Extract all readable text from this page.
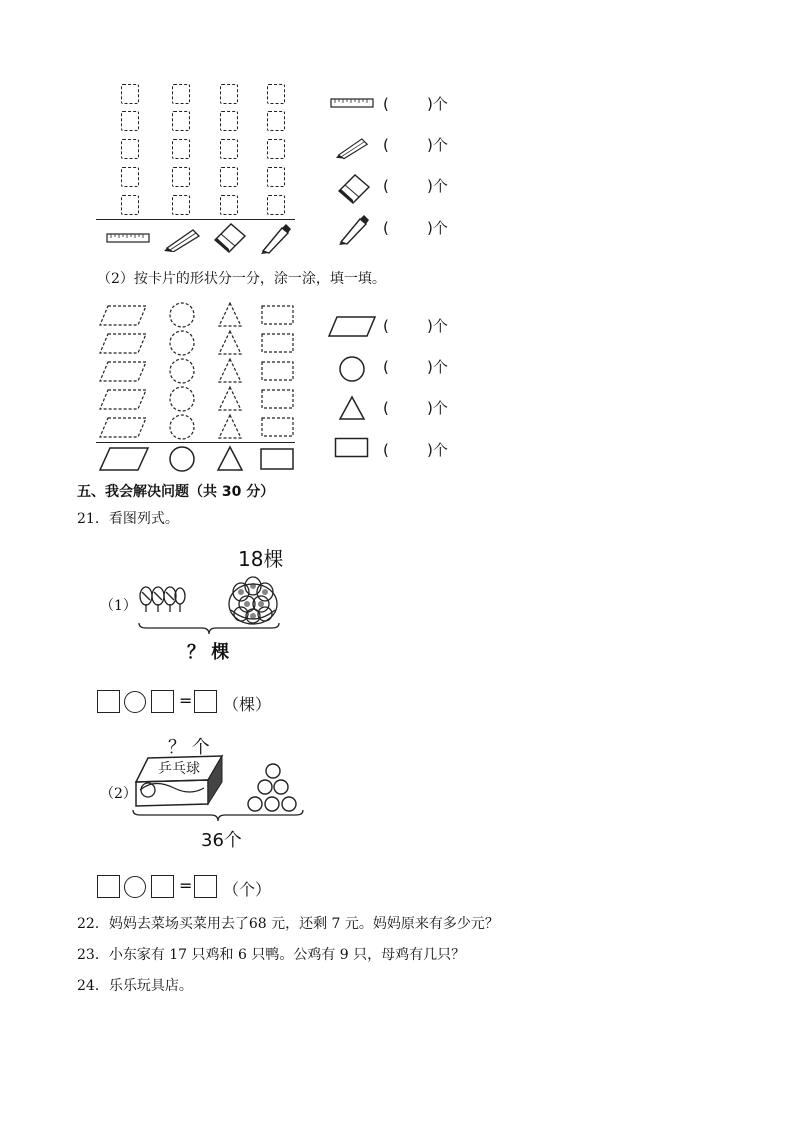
(	)个
(	)个
(	)个
(	)个
（2）按卡片的形状分一分，涂一涂，填一填。
(	)个
(	)个
(	)个
(	)个
五、我会解决问题（共 30 分）
21．看图列式。
（1）
18棵
？ 棵
= （棵）
？ 个
（2）
乒乓球
36个
= （个）
22．妈妈去菜场买菜用去了68 元，还剩 7 元。妈妈原来有多少元？
23．小东家有 17 只鸡和 6 只鸭。公鸡有 9 只，母鸡有几只？
24．乐乐玩具店。
